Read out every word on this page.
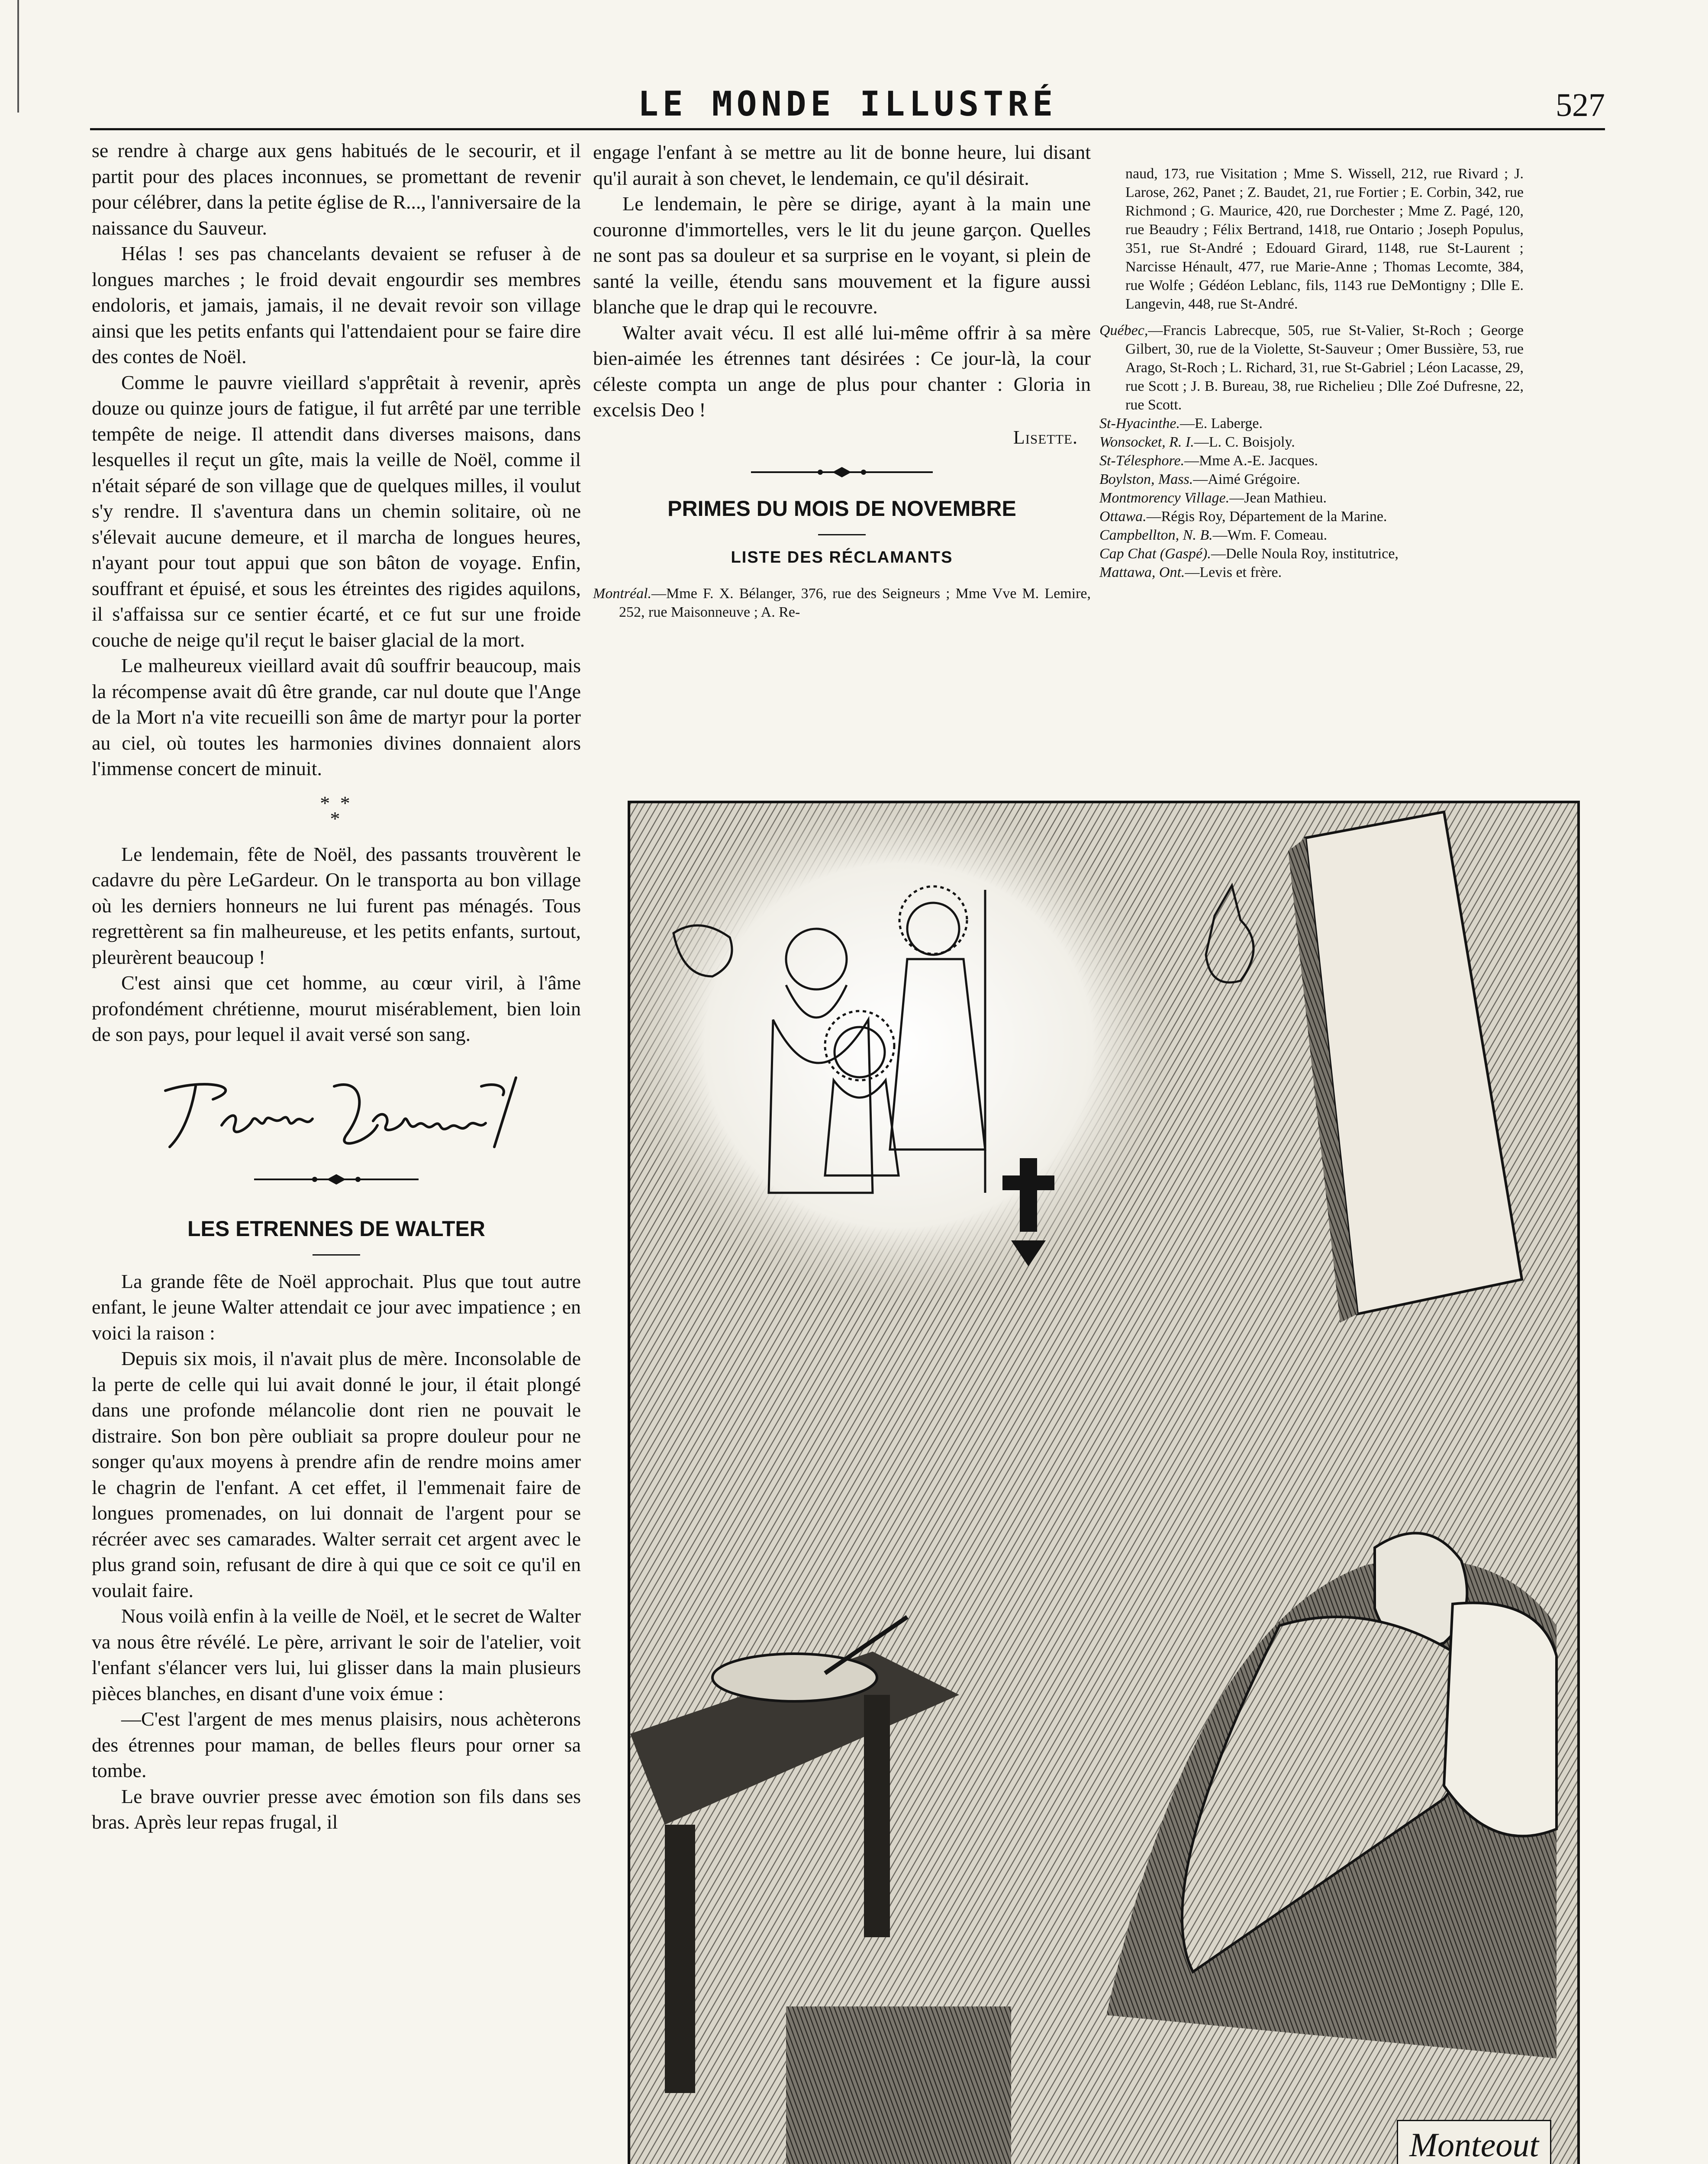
LE MONDE ILLUSTRÉ	527

se rendre à charge aux gens habitués de le secourir, et il partit pour des places inconnues, se promettant de revenir pour célébrer, dans la petite église de R..., l'anniversaire de la naissance du Sauveur.

Hélas ! ses pas chancelants devaient se refuser à de longues marches ; le froid devait engourdir ses membres endoloris, et jamais, jamais, il ne devait revoir son village ainsi que les petits enfants qui l'attendaient pour se faire dire des contes de Noël.

Comme le pauvre vieillard s'apprêtait à revenir, après douze ou quinze jours de fatigue, il fut arrêté par une terrible tempête de neige. Il attendit dans diverses maisons, dans lesquelles il reçut un gîte, mais la veille de Noël, comme il n'était séparé de son village que de quelques milles, il voulut s'y rendre. Il s'aventura dans un chemin solitaire, où ne s'élevait aucune demeure, et il marcha de longues heures, n'ayant pour tout appui que son bâton de voyage. Enfin, souffrant et épuisé, et sous les étreintes des rigides aquilons, il s'affaissa sur ce sentier écarté, et ce fut sur une froide couche de neige qu'il reçut le baiser glacial de la mort.

Le malheureux vieillard avait dû souffrir beaucoup, mais la récompense avait dû être grande, car nul doute que l'Ange de la Mort n'a vite recueilli son âme de martyr pour la porter au ciel, où toutes les harmonies divines donnaient alors l'immense concert de minuit.

* *
*

Le lendemain, fête de Noël, des passants trouvèrent le cadavre du père LeGardeur. On le transporta au bon village où les derniers honneurs ne lui furent pas ménagés. Tous regrettèrent sa fin malheureuse, et les petits enfants, surtout, pleurèrent beaucoup !

C'est ainsi que cet homme, au cœur viril, à l'âme profondément chrétienne, mourut misérablement, bien loin de son pays, pour lequel il avait versé son sang.

LES ETRENNES DE WALTER

La grande fête de Noël approchait. Plus que tout autre enfant, le jeune Walter attendait ce jour avec impatience ; en voici la raison :

Depuis six mois, il n'avait plus de mère. Inconsolable de la perte de celle qui lui avait donné le jour, il était plongé dans une profonde mélancolie dont rien ne pouvait le distraire. Son bon père oubliait sa propre douleur pour ne songer qu'aux moyens à prendre afin de rendre moins amer le chagrin de l'enfant. A cet effet, il l'emmenait faire de longues promenades, on lui donnait de l'argent pour se récréer avec ses camarades. Walter serrait cet argent avec le plus grand soin, refusant de dire à qui que ce soit ce qu'il en voulait faire.

Nous voilà enfin à la veille de Noël, et le secret de Walter va nous être révélé. Le père, arrivant le soir de l'atelier, voit l'enfant s'élancer vers lui, lui glisser dans la main plusieurs pièces blanches, en disant d'une voix émue :

—C'est l'argent de mes menus plaisirs, nous achèterons des étrennes pour maman, de belles fleurs pour orner sa tombe.

Le brave ouvrier presse avec émotion son fils dans ses bras. Après leur repas frugal, il

engage l'enfant à se mettre au lit de bonne heure, lui disant qu'il aurait à son chevet, le lendemain, ce qu'il désirait.

Le lendemain, le père se dirige, ayant à la main une couronne d'immortelles, vers le lit du jeune garçon. Quelles ne sont pas sa douleur et sa surprise en le voyant, si plein de santé la veille, étendu sans mouvement et la figure aussi blanche que le drap qui le recouvre.

Walter avait vécu. Il est allé lui-même offrir à sa mère bien-aimée les étrennes tant désirées : Ce jour-là, la cour céleste compta un ange de plus pour chanter : Gloria in excelsis Deo !

Lisette.

PRIMES DU MOIS DE NOVEMBRE

LISTE DES RÉCLAMANTS

Montréal.—Mme F. X. Bélanger, 376, rue des Seigneurs ; Mme Vve M. Lemire, 252, rue Maisonneuve ; A. Re-

naud, 173, rue Visitation ; Mme S. Wissell, 212, rue Rivard ; J. Larose, 262, Panet ; Z. Baudet, 21, rue Fortier ; E. Corbin, 342, rue Richmond ; G. Maurice, 420, rue Dorchester ; Mme Z. Pagé, 120, rue Beaudry ; Félix Bertrand, 1418, rue Ontario ; Joseph Populus, 351, rue St-André ; Edouard Girard, 1148, rue St-Laurent ; Narcisse Hénault, 477, rue Marie-Anne ; Thomas Lecomte, 384, rue Wolfe ; Gédéon Leblanc, fils, 1143 rue DeMontigny ; Dlle E. Langevin, 448, rue St-André.

Québec,—Francis Labrecque, 505, rue St-Valier, St-Roch ; George Gilbert, 30, rue de la Violette, St-Sauveur ; Omer Bussière, 53, rue Arago, St-Roch ; L. Richard, 31, rue St-Gabriel ; Léon Lacasse, 29, rue Scott ; J. B. Bureau, 38, rue Richelieu ; Dlle Zoé Dufresne, 22, rue Scott.

St-Hyacinthe.—E. Laberge.

Wonsocket, R. I.—L. C. Boisjoly.

St-Télesphore.—Mme A.-E. Jacques.

Boylston, Mass.—Aimé Grégoire.

Montmorency Village.—Jean Mathieu.

Ottawa.—Régis Roy, Département de la Marine.

Campbellton, N. B.—Wm. F. Comeau.

Cap Chat (Gaspé).—Delle Noula Roy, institutrice,

Mattawa, Ont.—Levis et frère.

Monteout
